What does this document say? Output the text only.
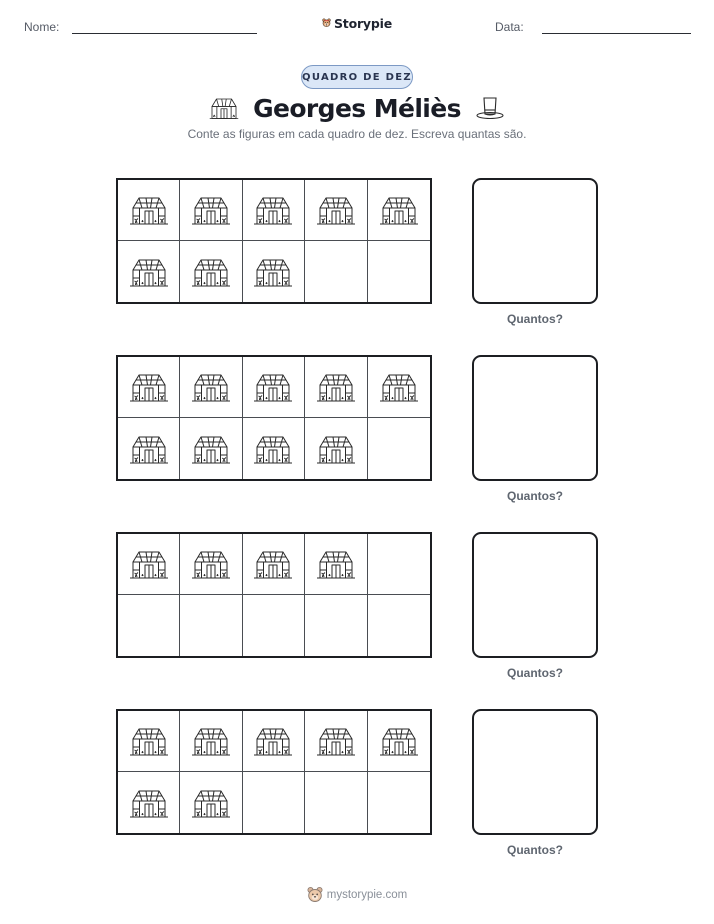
Nome:	Storypie	Data:
QUADRO DE DEZ
Georges Méliès
Conte as figuras em cada quadro de dez. Escreva quantas são.
Quantos?
Quantos?
Quantos?
Quantos?
mystorypie.com
